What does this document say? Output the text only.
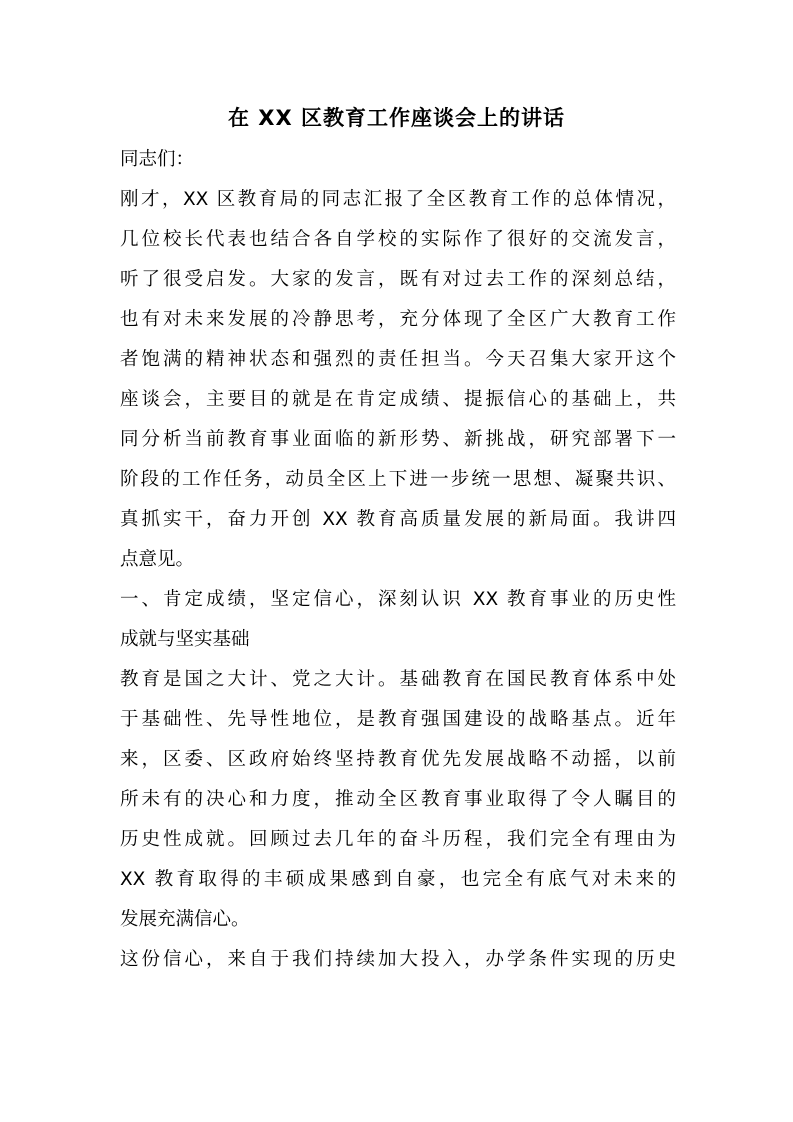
在 XX 区教育工作座谈会上的讲话

同志们：

刚才，XX 区教育局的同志汇报了全区教育工作的总体情况，

几位校长代表也结合各自学校的实际作了很好的交流发言，

听了很受启发。大家的发言，既有对过去工作的深刻总结，

也有对未来发展的冷静思考，充分体现了全区广大教育工作

者饱满的精神状态和强烈的责任担当。今天召集大家开这个

座谈会，主要目的就是在肯定成绩、提振信心的基础上，共

同分析当前教育事业面临的新形势、新挑战，研究部署下一

阶段的工作任务，动员全区上下进一步统一思想、凝聚共识、

真抓实干，奋力开创 XX 教育高质量发展的新局面。我讲四

点意见。

一、肯定成绩，坚定信心，深刻认识 XX 教育事业的历史性

成就与坚实基础

教育是国之大计、党之大计。基础教育在国民教育体系中处

于基础性、先导性地位，是教育强国建设的战略基点。近年

来，区委、区政府始终坚持教育优先发展战略不动摇，以前

所未有的决心和力度，推动全区教育事业取得了令人瞩目的

历史性成就。回顾过去几年的奋斗历程，我们完全有理由为

XX 教育取得的丰硕成果感到自豪，也完全有底气对未来的

发展充满信心。

这份信心，来自于我们持续加大投入，办学条件实现的历史
